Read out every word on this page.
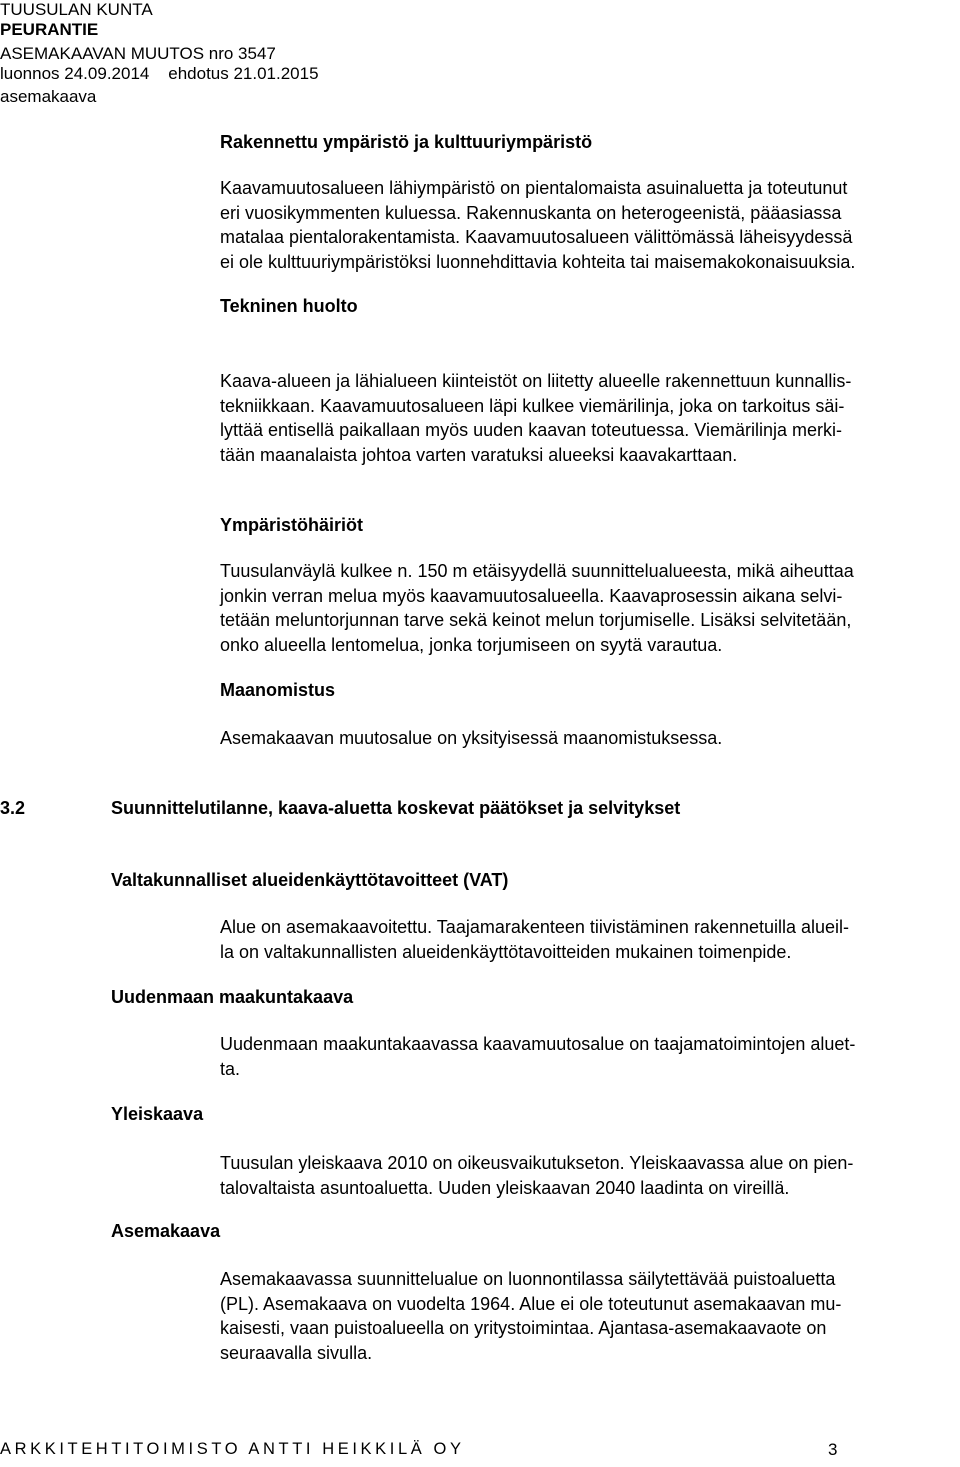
TUUSULAN KUNTA
PEURANTIE
ASEMAKAAVAN MUUTOS nro 3547
luonnos 24.09.2014    ehdotus 21.01.2015
asemakaava
Rakennettu ympäristö ja kulttuuriympäristö
Kaavamuutosalueen lähiympäristö on pientalomaista asuinaluetta ja toteutunut
eri vuosikymmenten kuluessa. Rakennuskanta on heterogeenistä, pääasiassa
matalaa pientalorakentamista. Kaavamuutosalueen välittömässä läheisyydessä
ei ole kulttuuriympäristöksi luonnehdittavia kohteita tai maisemakokonaisuuksia.
Tekninen huolto
Kaava-alueen ja lähialueen kiinteistöt on liitetty alueelle rakennettuun kunnallis-
tekniikkaan. Kaavamuutosalueen läpi kulkee viemärilinja, joka on tarkoitus säi-
lyttää entisellä paikallaan myös uuden kaavan toteutuessa. Viemärilinja merki-
tään maanalaista johtoa varten varatuksi alueeksi kaavakarttaan.
Ympäristöhäiriöt
Tuusulanväylä kulkee n. 150 m etäisyydellä suunnittelualueesta, mikä aiheuttaa
jonkin verran melua myös kaavamuutosalueella. Kaavaprosessin aikana selvi-
tetään meluntorjunnan tarve sekä keinot melun torjumiselle. Lisäksi selvitetään,
onko alueella lentomelua, jonka torjumiseen on syytä varautua.
Maanomistus
Asemakaavan muutosalue on yksityisessä maanomistuksessa.
3.2	Suunnittelutilanne, kaava-aluetta koskevat päätökset ja selvitykset
Valtakunnalliset alueidenkäyttötavoitteet (VAT)
Alue on asemakaavoitettu. Taajamarakenteen tiivistäminen rakennetuilla alueil-
la on valtakunnallisten alueidenkäyttötavoitteiden mukainen toimenpide.
Uudenmaan maakuntakaava
Uudenmaan maakuntakaavassa kaavamuutosalue on taajamatoimintojen aluet-
ta.
Yleiskaava
Tuusulan yleiskaava 2010 on oikeusvaikutukseton. Yleiskaavassa alue on pien-
talovaltaista asuntoaluetta. Uuden yleiskaavan 2040 laadinta on vireillä.
Asemakaava
Asemakaavassa suunnittelualue on luonnontilassa säilytettävää puistoaluetta
(PL). Asemakaava on vuodelta 1964. Alue ei ole toteutunut asemakaavan mu-
kaisesti, vaan puistoalueella on yritystoimintaa. Ajantasa-asemakaavaote on
seuraavalla sivulla.
ARKKITEHTITOIMISTO ANTTI HEIKKILÄ OY	3
